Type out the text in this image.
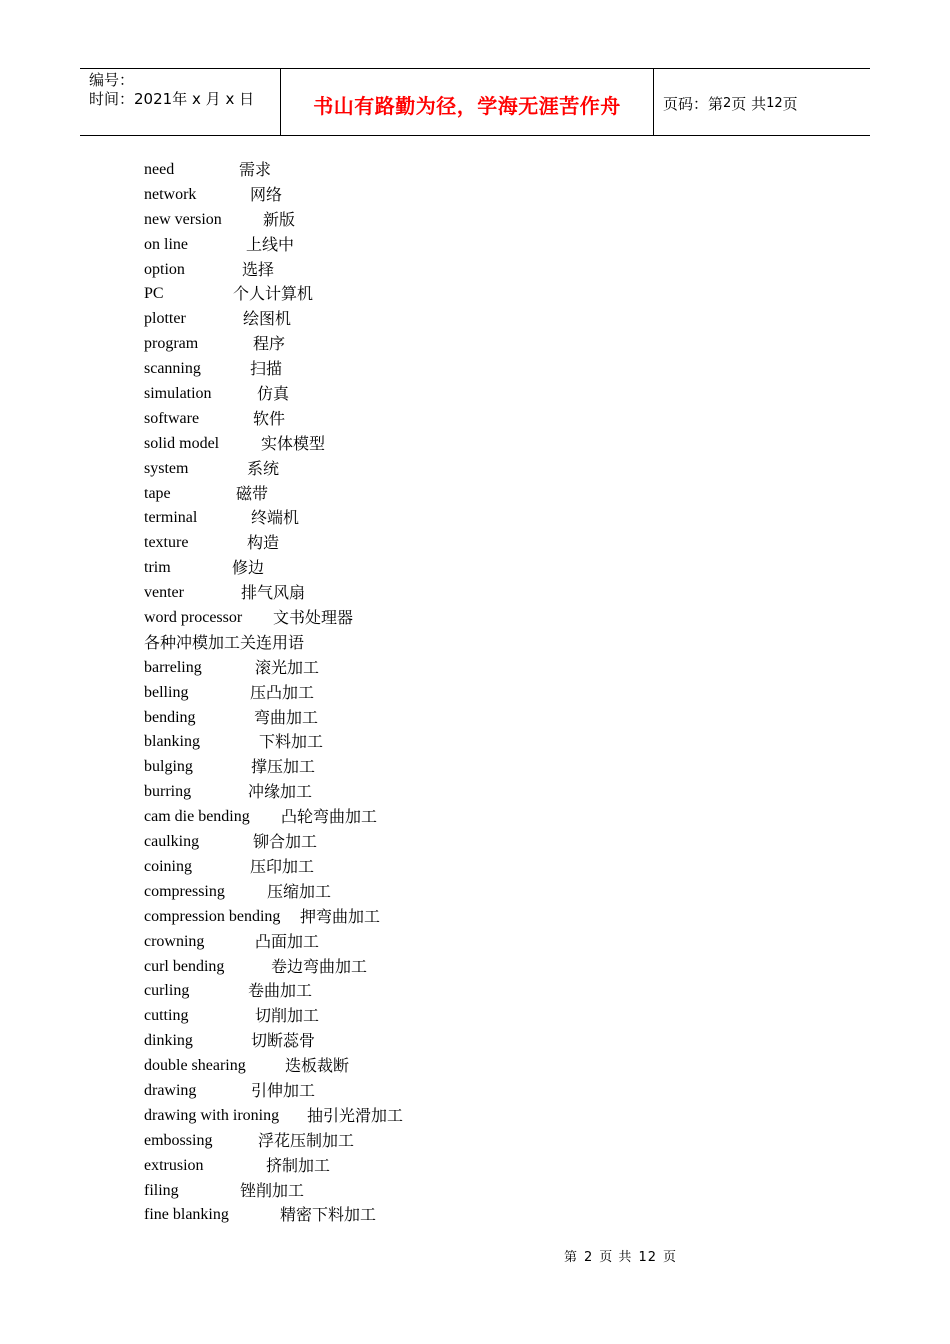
编号：
时间：2021年 x 月 x 日	书山有路勤为径，学海无涯苦作舟	页码：第 2 页 共 12 页
need	需求
network	网络
new version	新版
on line	上线中
option	选择
PC	个人计算机
plotter	绘图机
program	程序
scanning	扫描
simulation	仿真
software	软件
solid model	实体模型
system	系统
tape	磁带
terminal	终端机
texture	构造
trim	修边
venter	排气风扇
word processor 文书处理器
各种冲模加工关连用语
barreling	滚光加工
belling	压凸加工
bending	弯曲加工
blanking	下料加工
bulging	撑压加工
burring	冲缘加工
cam die bending 凸轮弯曲加工
caulking	铆合加工
coining	压印加工
compressing	压缩加工
compression bending 押弯曲加工
crowning	凸面加工
curl bending	卷边弯曲加工
curling	卷曲加工
cutting	切削加工
dinking	切断蕊骨
double shearing 迭板裁断
drawing	引伸加工
drawing with ironing 抽引光滑加工
embossing	浮花压制加工
extrusion	挤制加工
filing	锉削加工
fine blanking	精密下料加工
第 2 页 共 12 页
